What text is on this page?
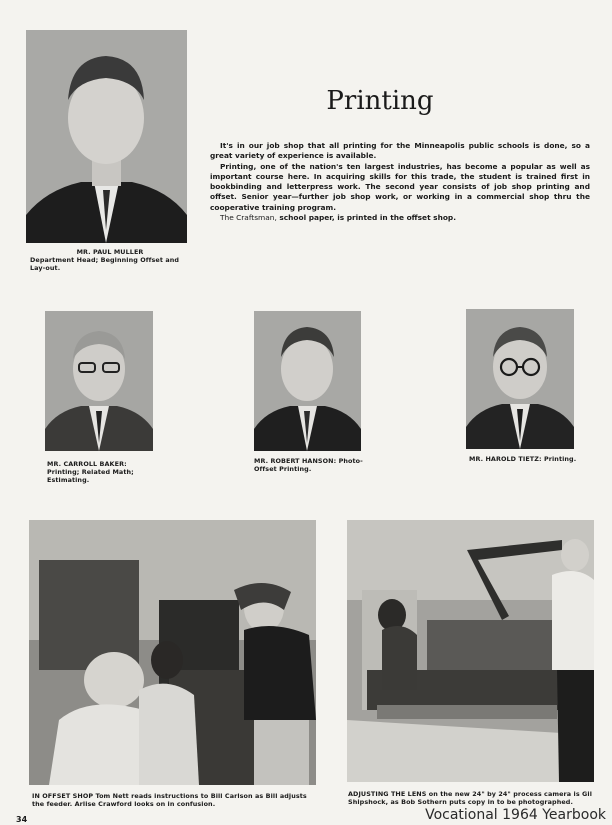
MR. PAUL MULLER
Department Head; Beginning Offset and Lay-out.

Printing

It's in our job shop that all printing for the Minneapolis public schools is done, so a great variety of experience is available.

Printing, one of the nation's ten largest industries, has become a popular as well as important course here. In acquiring skills for this trade, the student is trained first in bookbinding and letterpress work. The second year consists of job shop printing and offset. Senior year—further job shop work, or working in a commercial shop thru the cooperative training program.

The Craftsman, school paper, is printed in the offset shop.

MR. CARROLL BAKER: Printing; Related Math; Estimating.

MR. ROBERT HANSON: Photo-Offset Printing.

MR. HAROLD TIETZ: Printing.

IN OFFSET SHOP Tom Nett reads instructions to Bill Carlson as Bill adjusts the feeder. Arlise Crawford looks on in confusion.

ADJUSTING THE LENS on the new 24" by 24" process camera is Gil Shipshock, as Bob Sothern puts copy in to be photographed.

34	Vocational 1964 Yearbook
